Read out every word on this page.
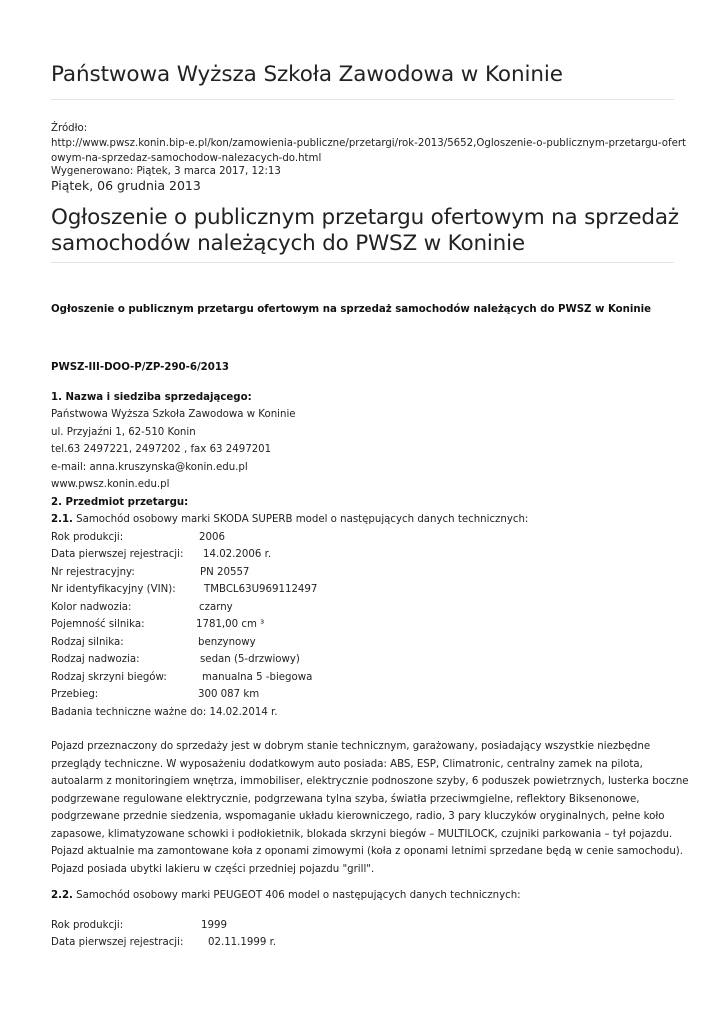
Państwowa Wyższa Szkoła Zawodowa w Koninie
Źródło:
http://www.pwsz.konin.bip-e.pl/kon/zamowienia-publiczne/przetargi/rok-2013/5652,Ogloszenie-o-publicznym-przetargu-ofert
owym-na-sprzedaz-samochodow-nalezacych-do.html
Wygenerowano: Piątek, 3 marca 2017, 12:13
Piątek, 06 grudnia 2013
Ogłoszenie o publicznym przetargu ofertowym na sprzedaż
samochodów należących do PWSZ w Koninie
Ogłoszenie o publicznym przetargu ofertowym na sprzedaż samochodów należących do PWSZ w Koninie
PWSZ-III-DOO-P/ZP-290-6/2013
1. Nazwa i siedziba sprzedającego:
Państwowa Wyższa Szkoła Zawodowa w Koninie
ul. Przyjaźni 1, 62-510 Konin
tel.63 2497221, 2497202 , fax 63 2497201
e-mail: anna.kruszynska@konin.edu.pl
www.pwsz.konin.edu.pl
2. Przedmiot przetargu:
2.1. Samochód osobowy marki SKODA SUPERB model o następujących danych technicznych:
Rok produkcji:	2006
Data pierwszej rejestracji: 14.02.2006 r.
Nr rejestracyjny:	PN 20557
Nr identyfikacyjny (VIN):	TMBCL63U969112497
Kolor nadwozia:	czarny
Pojemność silnika:	1781,00 cm ³
Rodzaj silnika:	benzynowy
Rodzaj nadwozia:	sedan (5-drzwiowy)
Rodzaj skrzyni biegów:	manualna 5 -biegowa
Przebieg:	300 087 km
Badania techniczne ważne do: 14.02.2014 r.
Pojazd przeznaczony do sprzedaży jest w dobrym stanie technicznym, garażowany, posiadający wszystkie niezbędne
przeglądy techniczne. W wyposażeniu dodatkowym auto posiada: ABS, ESP, Climatronic, centralny zamek na pilota,
autoalarm z monitoringiem wnętrza, immobiliser, elektrycznie podnoszone szyby, 6 poduszek powietrznych, lusterka boczne
podgrzewane regulowane elektrycznie, podgrzewana tylna szyba, światła przeciwmgielne, reflektory Biksenonowe,
podgrzewane przednie siedzenia, wspomaganie układu kierowniczego, radio, 3 pary kluczyków oryginalnych, pełne koło
zapasowe, klimatyzowane schowki i podłokietnik, blokada skrzyni biegów – MULTILOCK, czujniki parkowania – tył pojazdu.
Pojazd aktualnie ma zamontowane koła z oponami zimowymi (koła z oponami letnimi sprzedane będą w cenie samochodu).
Pojazd posiada ubytki lakieru w części przedniej pojazdu "grill".
2.2. Samochód osobowy marki PEUGEOT 406 model o następujących danych technicznych:
Rok produkcji:	1999
Data pierwszej rejestracji: 02.11.1999 r.
